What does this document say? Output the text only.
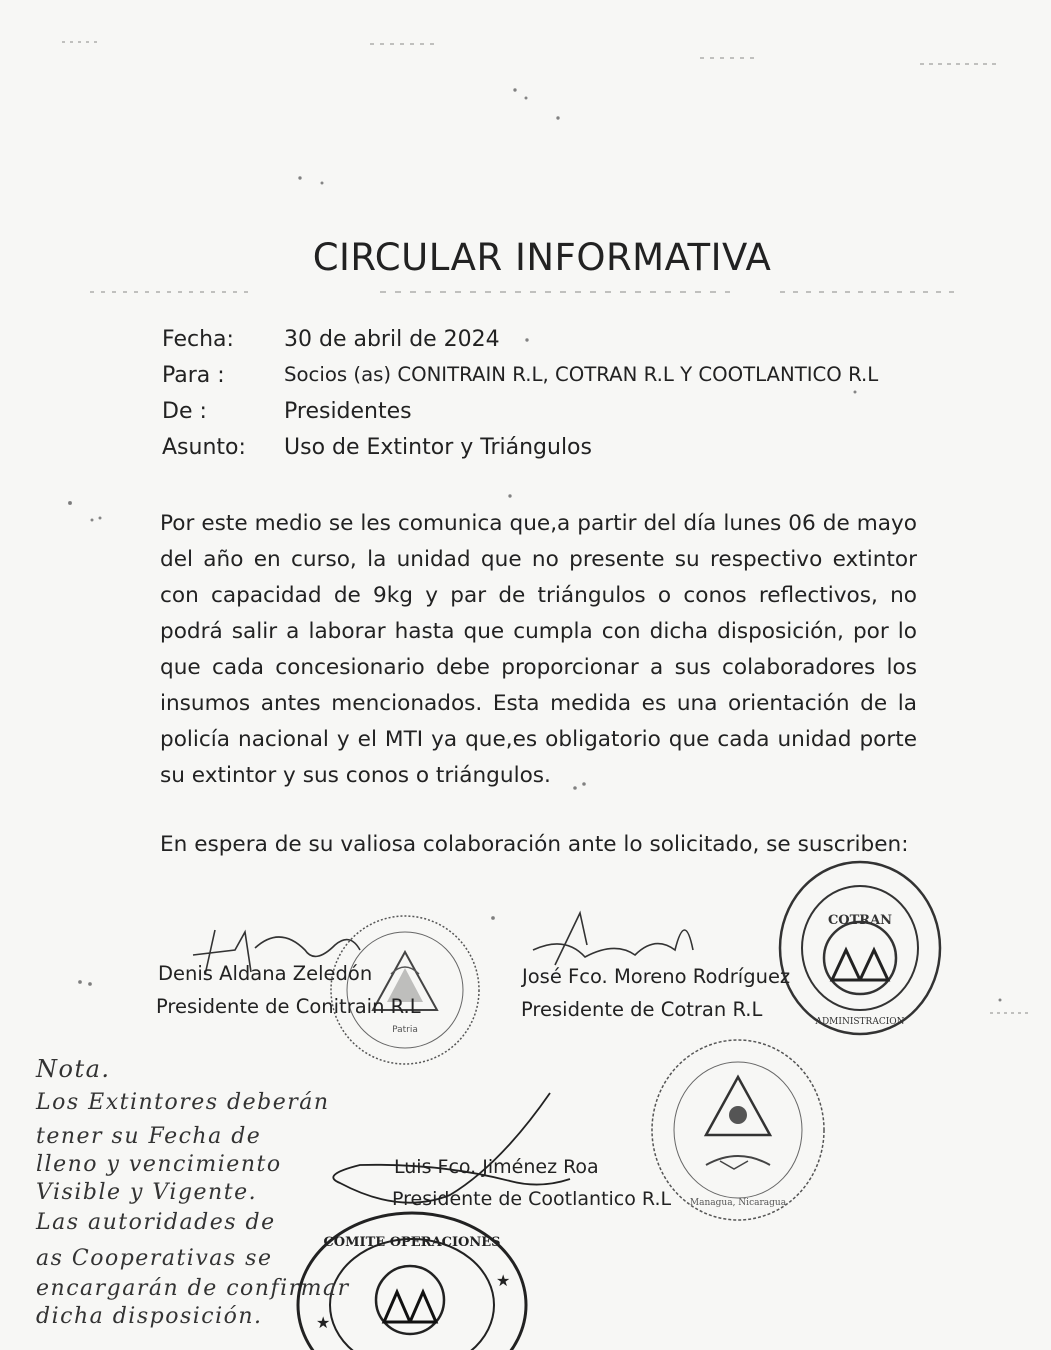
CIRCULAR INFORMATIVA
Fecha: 30 de abril de 2024
Para :	Socios (as) CONITRAIN R.L, COTRAN R.L Y COOTLANTICO R.L
De :	Presidentes
Asunto: Uso de Extintor y Triángulos
Por este medio se les comunica que,a partir del día lunes 06 de mayo del año en curso, la unidad que no presente su respectivo extintor con capacidad de 9kg y par de triángulos o conos reflectivos, no podrá salir a laborar hasta que cumpla con dicha disposición, por lo que cada concesionario debe proporcionar a sus colaboradores los insumos antes mencionados. Esta medida es una orientación de la policía nacional y el MTI ya que,es obligatorio que cada unidad porte su extintor y sus conos o triángulos.
En espera de su valiosa colaboración ante lo solicitado, se suscriben:
Patria
COTRAN
ADMINISTRACION
Managua, Nicaragua
COMITE OPERACIONES
★
★
Denis Aldana Zeledón
Presidente de Conitrain R.L
José Fco. Moreno Rodríguez
Presidente de Cotran R.L
Luis Fco. Jiménez Roa
Presidente de Cootlantico R.L
Nota.
Los Extintores deberán
tener su Fecha de
lleno y vencimiento
Visible y Vigente.
Las autoridades de
as Cooperativas se
encargarán de confirmar
dicha disposición.
